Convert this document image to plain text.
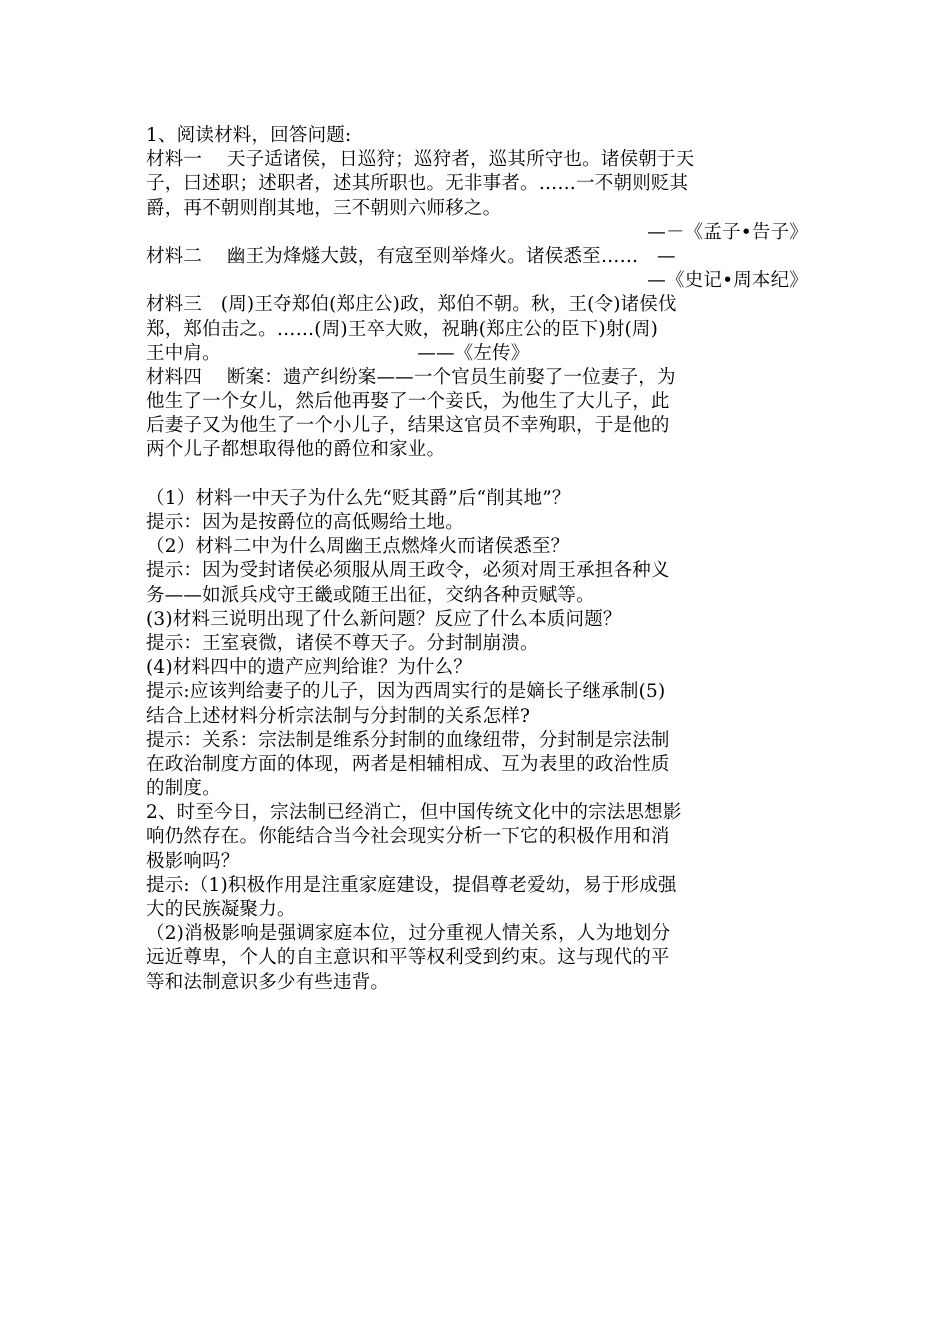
1、阅读材料，回答问题:
材料一　 天子适诸侯，日巡狩；巡狩者，巡其所守也。诸侯朝于天
子，曰述职；述职者，述其所职也。无非事者。……一不朝则贬其
爵，再不朝则削其地，三不朝则六师移之。
—－《孟子•告子》
材料二　 幽王为烽燧大鼓，有寇至则举烽火。诸侯悉至……　—
—《史记•周本纪》
材料三　(周)王夺郑伯(郑庄公)政，郑伯不朝。秋，王(令)诸侯伐
郑，郑伯击之。……(周)王卒大败，祝聃(郑庄公的臣下)射(周)
王中肩。　　　　　　　　　　　——《左传》
材料四　 断案：遗产纠纷案——一个官员生前娶了一位妻子，为
他生了一个女儿，然后他再娶了一个妾氏，为他生了大儿子，此
后妻子又为他生了一个小儿子，结果这官员不幸殉职，于是他的
两个儿子都想取得他的爵位和家业。
（1）材料一中天子为什么先“贬其爵”后“削其地”？
提示：因为是按爵位的高低赐给土地。
（2）材料二中为什么周幽王点燃烽火而诸侯悉至？
提示：因为受封诸侯必须服从周王政令，必须对周王承担各种义
务——如派兵戍守王畿或随王出征，交纳各种贡赋等。
(3)材料三说明出现了什么新问题？反应了什么本质问题？
提示：王室衰微，诸侯不尊天子。分封制崩溃。
(4)材料四中的遗产应判给谁？为什么？
提示:应该判给妻子的儿子，因为西周实行的是嫡长子继承制(5)
结合上述材料分析宗法制与分封制的关系怎样?
提示：关系：宗法制是维系分封制的血缘纽带，分封制是宗法制
在政治制度方面的体现，两者是相辅相成、互为表里的政治性质
的制度。
2、时至今日，宗法制已经消亡，但中国传统文化中的宗法思想影
响仍然存在。你能结合当今社会现实分析一下它的积极作用和消
极影响吗？
提示:（1)积极作用是注重家庭建设，提倡尊老爱幼，易于形成强
大的民族凝聚力。
（2)消极影响是强调家庭本位，过分重视人情关系，人为地划分
远近尊卑，个人的自主意识和平等权利受到约束。这与现代的平
等和法制意识多少有些违背。
